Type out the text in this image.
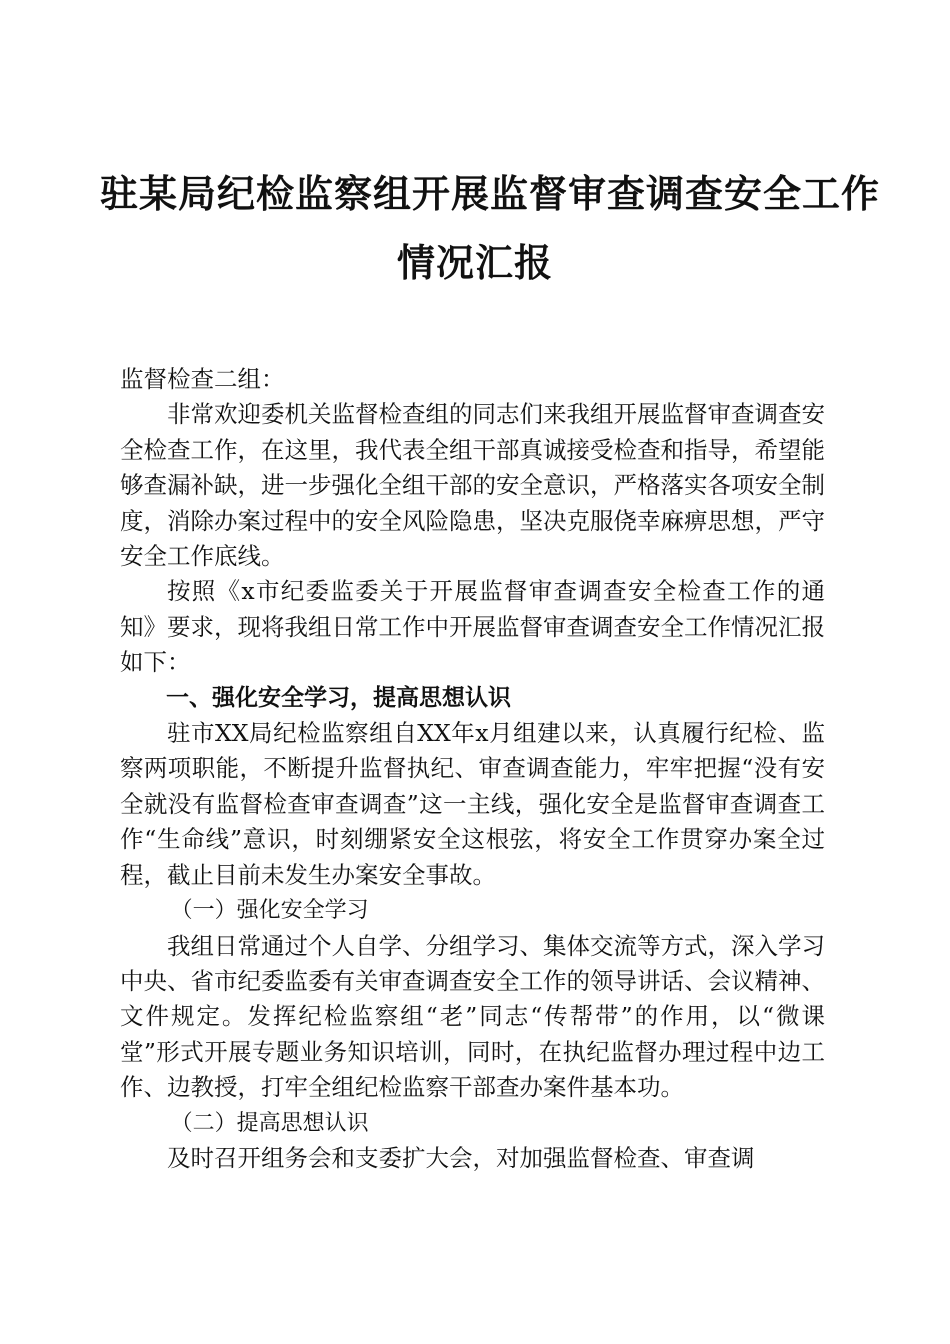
驻某局纪检监察组开展监督审查调查安全工作
情况汇报

监督检查二组：

非常欢迎委机关监督检查组的同志们来我组开展监督审查调查安全检查工作，在这里，我代表全组干部真诚接受检查和指导，希望能够查漏补缺，进一步强化全组干部的安全意识，严格落实各项安全制度，消除办案过程中的安全风险隐患，坚决克服侥幸麻痹思想，严守安全工作底线。

按照《x市纪委监委关于开展监督审查调查安全检查工作的通知》要求，现将我组日常工作中开展监督审查调查安全工作情况汇报如下：

一、强化安全学习，提高思想认识

驻市XX局纪检监察组自XX年x月组建以来，认真履行纪检、监察两项职能，不断提升监督执纪、审查调查能力，牢牢把握“没有安全就没有监督检查审查调查”这一主线，强化安全是监督审查调查工作“生命线”意识，时刻绷紧安全这根弦，将安全工作贯穿办案全过程，截止目前未发生办案安全事故。

（一）强化安全学习

我组日常通过个人自学、分组学习、集体交流等方式，深入学习中央、省市纪委监委有关审查调查安全工作的领导讲话、会议精神、文件规定。发挥纪检监察组“老”同志“传帮带”的作用，以“微课堂”形式开展专题业务知识培训，同时，在执纪监督办理过程中边工作、边教授，打牢全组纪检监察干部查办案件基本功。

（二）提高思想认识

及时召开组务会和支委扩大会，对加强监督检查、审查调
